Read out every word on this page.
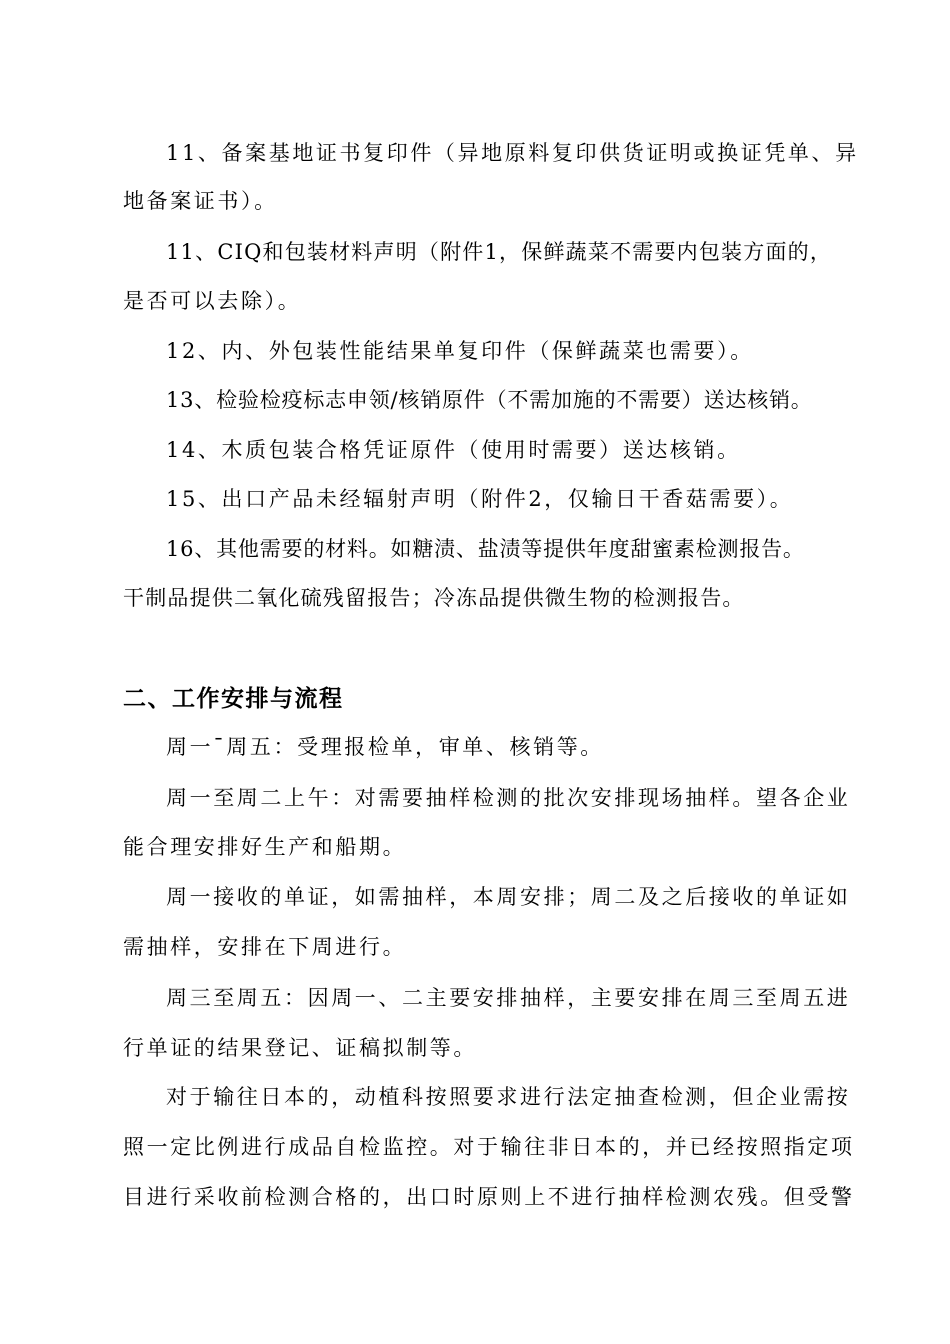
11、备案基地证书复印件（异地原料复印供货证明或换证凭单、异
地备案证书）。
11、CIQ和包装材料声明（附件1，保鲜蔬菜不需要内包装方面的，
是否可以去除）。
12、内、外包装性能结果单复印件（保鲜蔬菜也需要）。
13、检验检疫标志申领/核销原件（不需加施的不需要）送达核销。
14、木质包装合格凭证原件（使用时需要）送达核销。
15、出口产品未经辐射声明（附件2，仅输日干香菇需要）。
16、其他需要的材料。如糖渍、盐渍等提供年度甜蜜素检测报告。
干制品提供二氧化硫残留报告；冷冻品提供微生物的检测报告。
二、工作安排与流程
周一¯周五：受理报检单，审单、核销等。
周一至周二上午：对需要抽样检测的批次安排现场抽样。望各企业
能合理安排好生产和船期。
周一接收的单证，如需抽样，本周安排；周二及之后接收的单证如
需抽样，安排在下周进行。
周三至周五：因周一、二主要安排抽样，主要安排在周三至周五进
行单证的结果登记、证稿拟制等。
对于输往日本的，动植科按照要求进行法定抽查检测，但企业需按
照一定比例进行成品自检监控。对于输往非日本的，并已经按照指定项
目进行采收前检测合格的，出口时原则上不进行抽样检测农残。但受警
